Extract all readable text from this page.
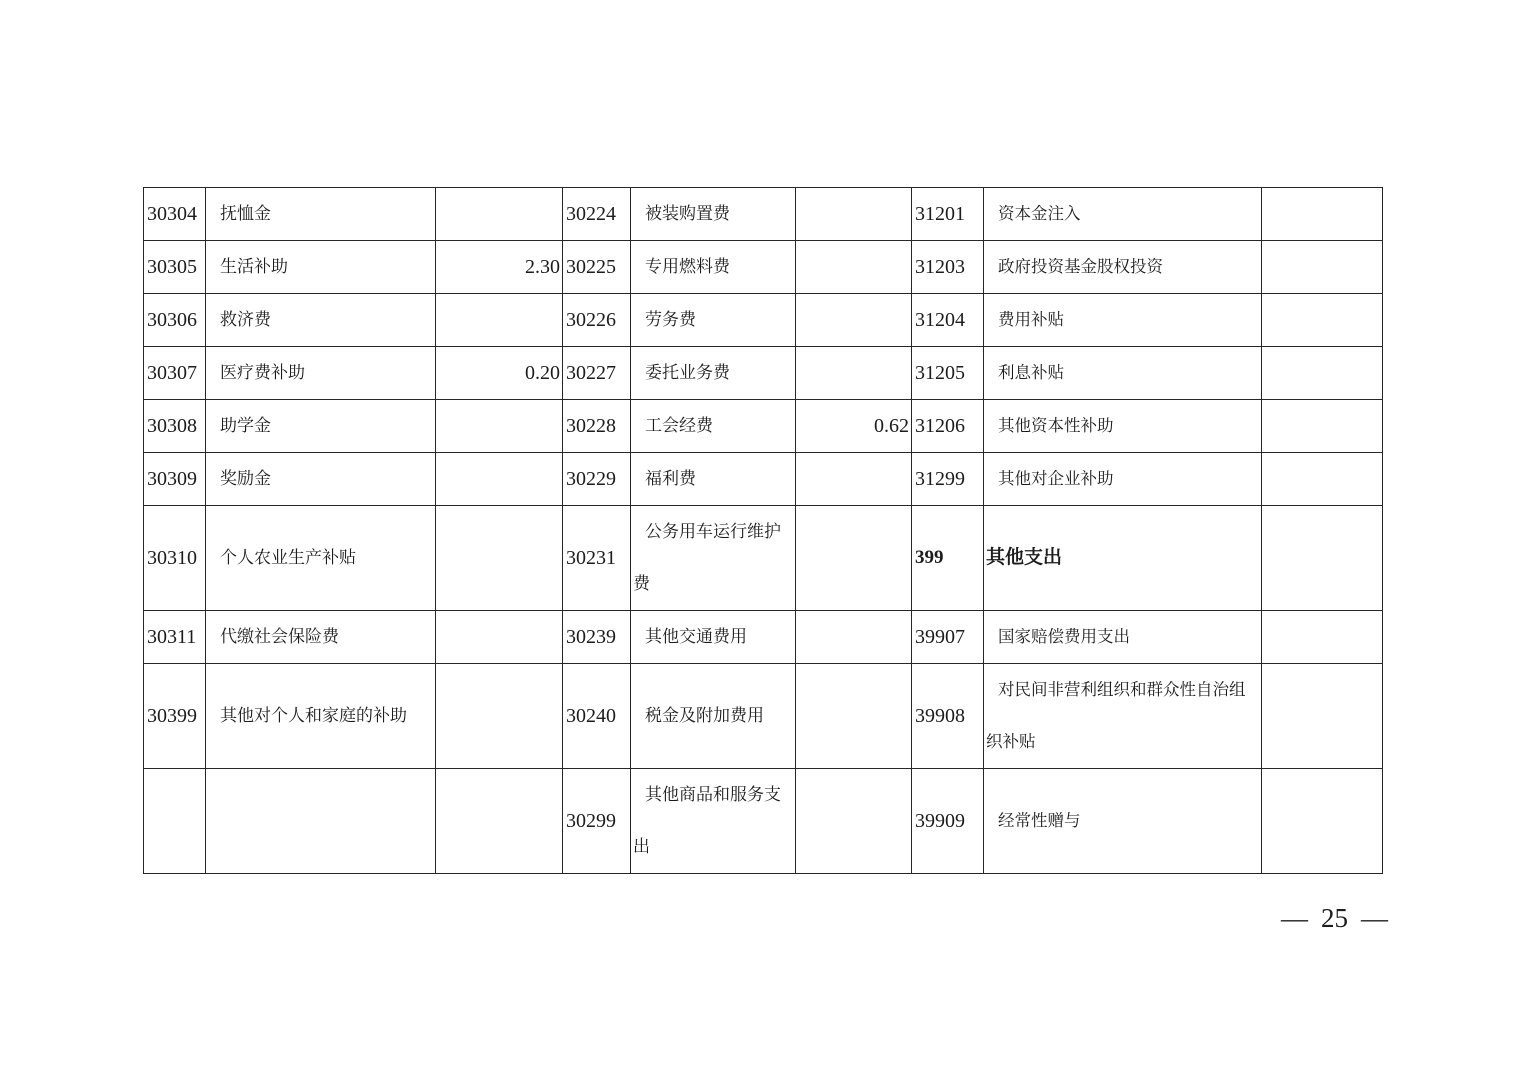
30304	抚恤金		30224	被装购置费		31201	资本金注入	
30305	生活补助	2.30	30225	专用燃料费		31203	政府投资基金股权投资	
30306	救济费		30226	劳务费		31204	费用补贴	
30307	医疗费补助	0.20	30227	委托业务费		31205	利息补贴	
30308	助学金		30228	工会经费	0.62	31206	其他资本性补助	
30309	奖励金		30229	福利费		31299	其他对企业补助	
30310	个人农业生产补贴		30231	公务用车运行维护费		399	其他支出	
30311	代缴社会保险费		30239	其他交通费用		39907	国家赔偿费用支出	
30399	其他对个人和家庭的补助		30240	税金及附加费用		39908	对民间非营利组织和群众性自治组织补贴	
			30299	其他商品和服务支出		39909	经常性赠与	
— 25 —
